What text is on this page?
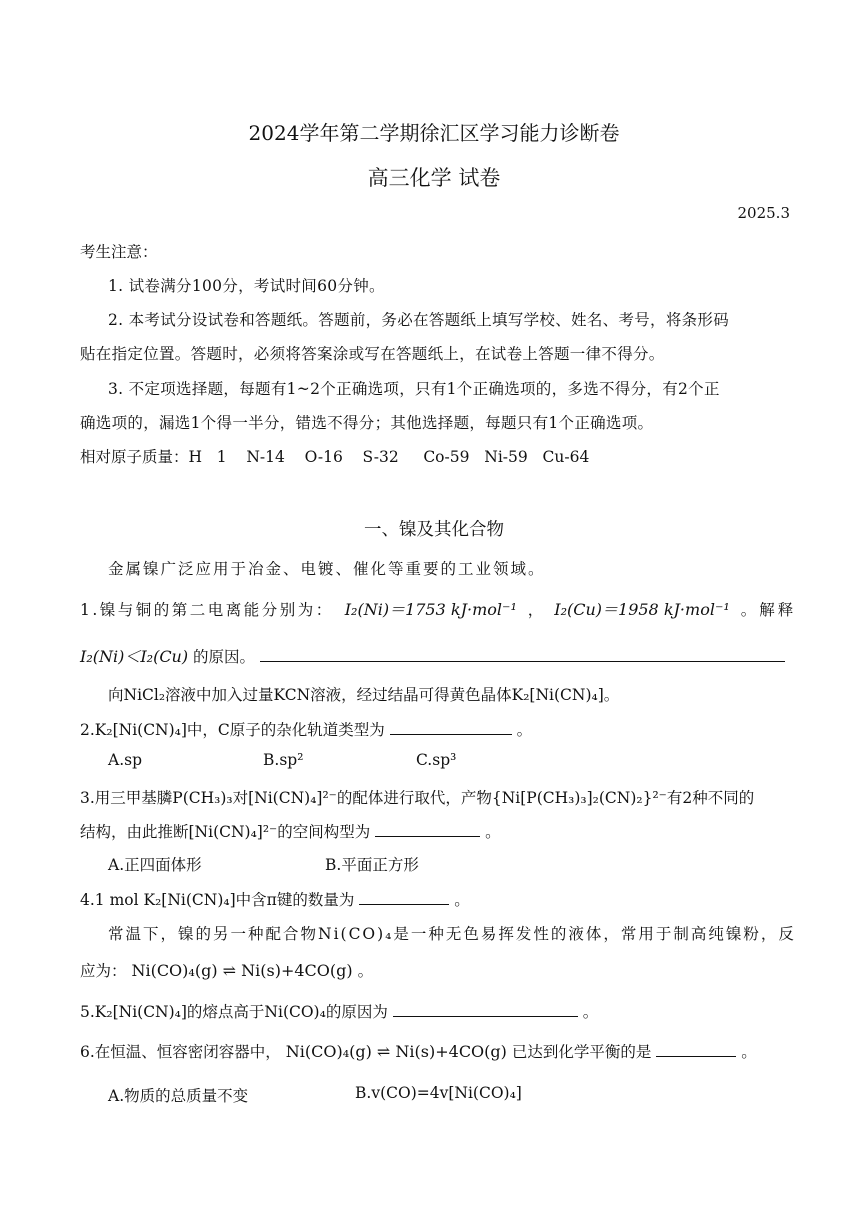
2024学年第二学期徐汇区学习能力诊断卷
高三化学 试卷
2025.3
考生注意：
1. 试卷满分100分，考试时间60分钟。
2. 本考试分设试卷和答题纸。答题前，务必在答题纸上填写学校、姓名、考号，将条形码
贴在指定位置。答题时，必须将答案涂或写在答题纸上，在试卷上答题一律不得分。
3. 不定项选择题，每题有1~2个正确选项，只有1个正确选项的，多选不得分，有2个正
确选项的，漏选1个得一半分，错选不得分；其他选择题，每题只有1个正确选项。
相对原子质量：H   1    N-14    O-16    S-32     Co-59   Ni-59   Cu-64
一、镍及其化合物
金属镍广泛应用于冶金、电镀、催化等重要的工业领域。
1.镍与铜的第二电离能分别为： I₂(Ni)＝1753 kJ·mol⁻¹ ， I₂(Cu)＝1958 kJ·mol⁻¹ 。解释
I₂(Ni)＜I₂(Cu) 的原因。
向NiCl₂溶液中加入过量KCN溶液，经过结晶可得黄色晶体K₂[Ni(CN)₄]。
2.K₂[Ni(CN)₄]中，C原子的杂化轨道类型为	。
A.sp	B.sp²	C.sp³
3.用三甲基膦P(CH₃)₃对[Ni(CN)₄]²⁻的配体进行取代，产物{Ni[P(CH₃)₃]₂(CN)₂}²⁻有2种不同的
结构，由此推断[Ni(CN)₄]²⁻的空间构型为	。
A.正四面体形	B.平面正方形
4.1 mol K₂[Ni(CN)₄]中含π键的数量为	。
常温下，镍的另一种配合物Ni(CO)₄是一种无色易挥发性的液体，常用于制高纯镍粉，反
应为： Ni(CO)₄(g) ⇌ Ni(s)+4CO(g) 。
5.K₂[Ni(CN)₄]的熔点高于Ni(CO)₄的原因为	。
6.在恒温、恒容密闭容器中， Ni(CO)₄(g) ⇌ Ni(s)+4CO(g) 已达到化学平衡的是	。
A.物质的总质量不变	B.v(CO)=4v[Ni(CO)₄]
